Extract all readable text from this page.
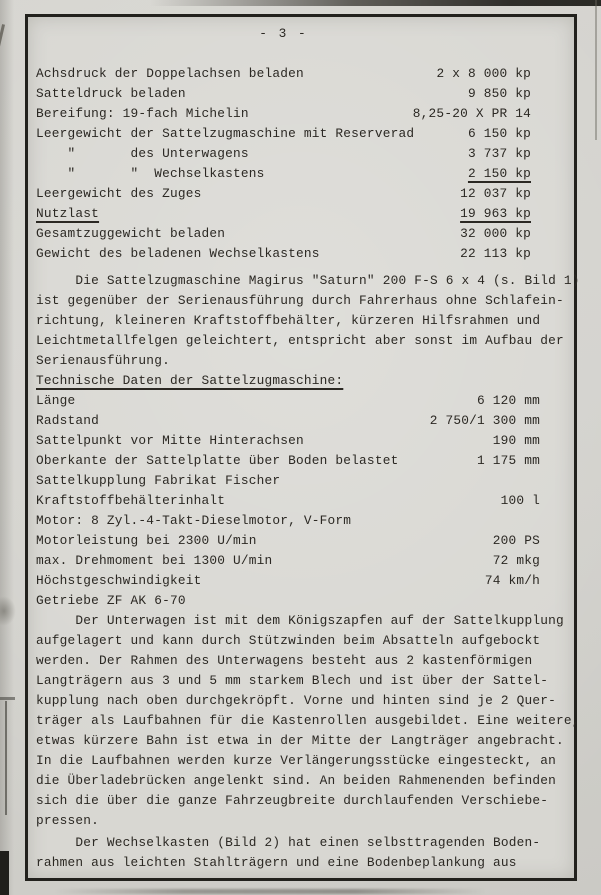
- 3 -
Achsdruck der Doppelachsen beladen	2 x 8 000 kp
Satteldruck beladen	9 850 kp
Bereifung: 19-fach Michelin	8,25-20 X PR 14
Leergewicht der Sattelzugmaschine mit Reserverad	6 150 kp
"       des Unterwagens	3 737 kp
"       "  Wechselkastens	2 150 kp
Leergewicht des Zuges	12 037 kp
Nutzlast	19 963 kp
Gesamtzuggewicht beladen	32 000 kp
Gewicht des beladenen Wechselkastens	22 113 kp
Die Sattelzugmaschine Magirus "Saturn" 200 F-S 6 x 4 (s. Bild 1)
ist gegenüber der Serienausführung durch Fahrerhaus ohne Schlafein-
richtung, kleineren Kraftstoffbehälter, kürzeren Hilfsrahmen und
Leichtmetallfelgen geleichtert, entspricht aber sonst im Aufbau der
Serienausführung.
Technische Daten der Sattelzugmaschine:
Länge	6 120 mm
Radstand	2 750/1 300 mm
Sattelpunkt vor Mitte Hinterachsen	190 mm
Oberkante der Sattelplatte über Boden belastet	1 175 mm
Sattelkupplung Fabrikat Fischer
Kraftstoffbehälterinhalt	100 l
Motor: 8 Zyl.-4-Takt-Dieselmotor, V-Form
Motorleistung bei 2300 U/min	200 PS
max. Drehmoment bei 1300 U/min	72 mkg
Höchstgeschwindigkeit	74 km/h
Getriebe ZF AK 6-70
Der Unterwagen ist mit dem Königszapfen auf der Sattelkupplung
aufgelagert und kann durch Stützwinden beim Absatteln aufgebockt
werden. Der Rahmen des Unterwagens besteht aus 2 kastenförmigen
Langträgern aus 3 und 5 mm starkem Blech und ist über der Sattel-
kupplung nach oben durchgekröpft. Vorne und hinten sind je 2 Quer-
träger als Laufbahnen für die Kastenrollen ausgebildet. Eine weitere,
etwas kürzere Bahn ist etwa in der Mitte der Langträger angebracht.
In die Laufbahnen werden kurze Verlängerungsstücke eingesteckt, an
die Überladebrücken angelenkt sind. An beiden Rahmenenden befinden
sich die über die ganze Fahrzeugbreite durchlaufenden Verschiebe-
pressen.
Der Wechselkasten (Bild 2) hat einen selbsttragenden Boden-
rahmen aus leichten Stahlträgern und eine Bodenbeplankung aus
